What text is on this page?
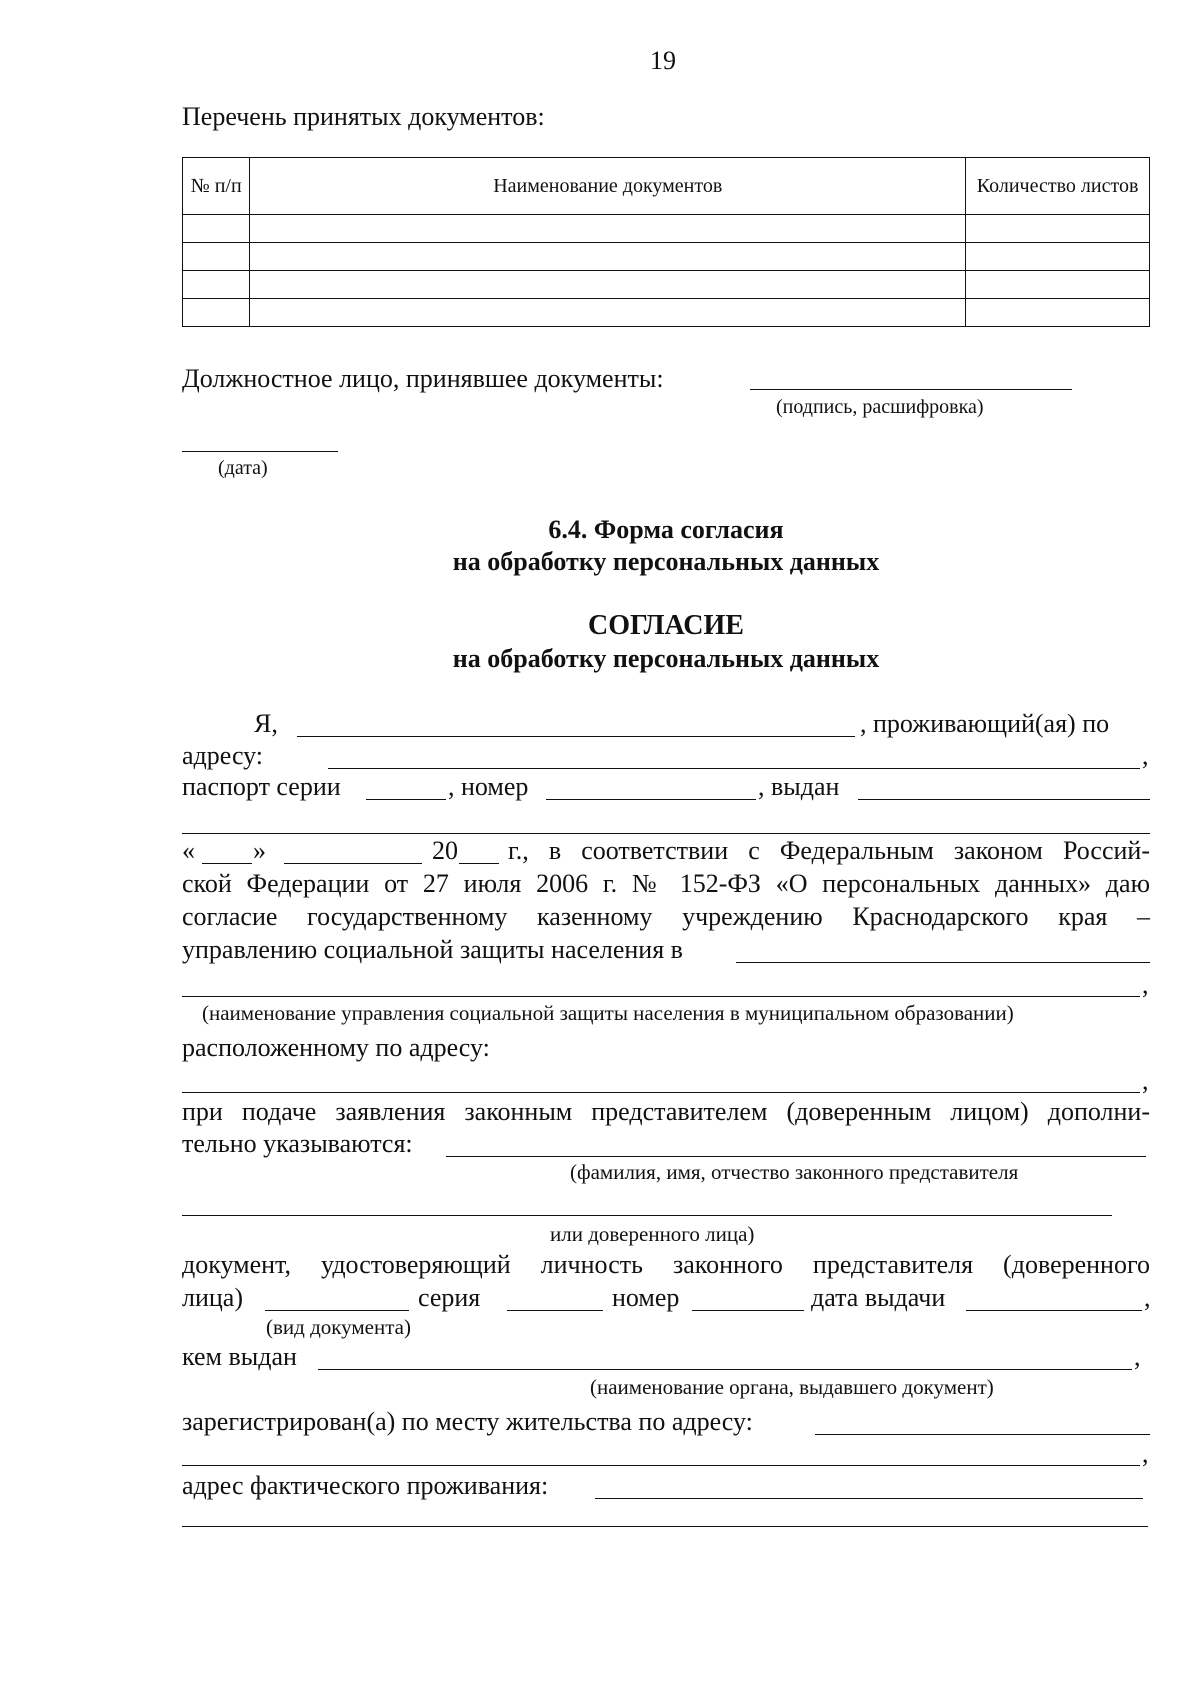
19
Перечень принятых документов:
№ п/п	Наименование документов	Количество листов

Должностное лицо, принявшее документы:
(подпись, расшифровка)
(дата)
6.4. Форма согласия
на обработку персональных данных
СОГЛАСИЕ
на обработку персональных данных
Я,	, проживающий(ая) по
адресу:	,
паспорт серии	, номер	, выдан
« »	20 г., в соответствии с Федеральным законом Россий-
ской Федерации от 27 июля 2006 г. № 152-ФЗ «О персональных данных» даю
согласие государственному казенному учреждению Краснодарского края –
управлению социальной защиты населения в
,
(наименование управления социальной защиты населения в муниципальном образовании)
расположенному по адресу:
,
при подаче заявления законным представителем (доверенным лицом) дополни-
тельно указываются:
(фамилия, имя, отчество законного представителя
или доверенного лица)
документ, удостоверяющий личность законного представителя (доверенного
лица)	серия	номер	дата выдачи	,
(вид документа)
кем выдан	,
(наименование органа, выдавшего документ)
зарегистрирован(а) по месту жительства по адресу:
,
адрес фактического проживания:
